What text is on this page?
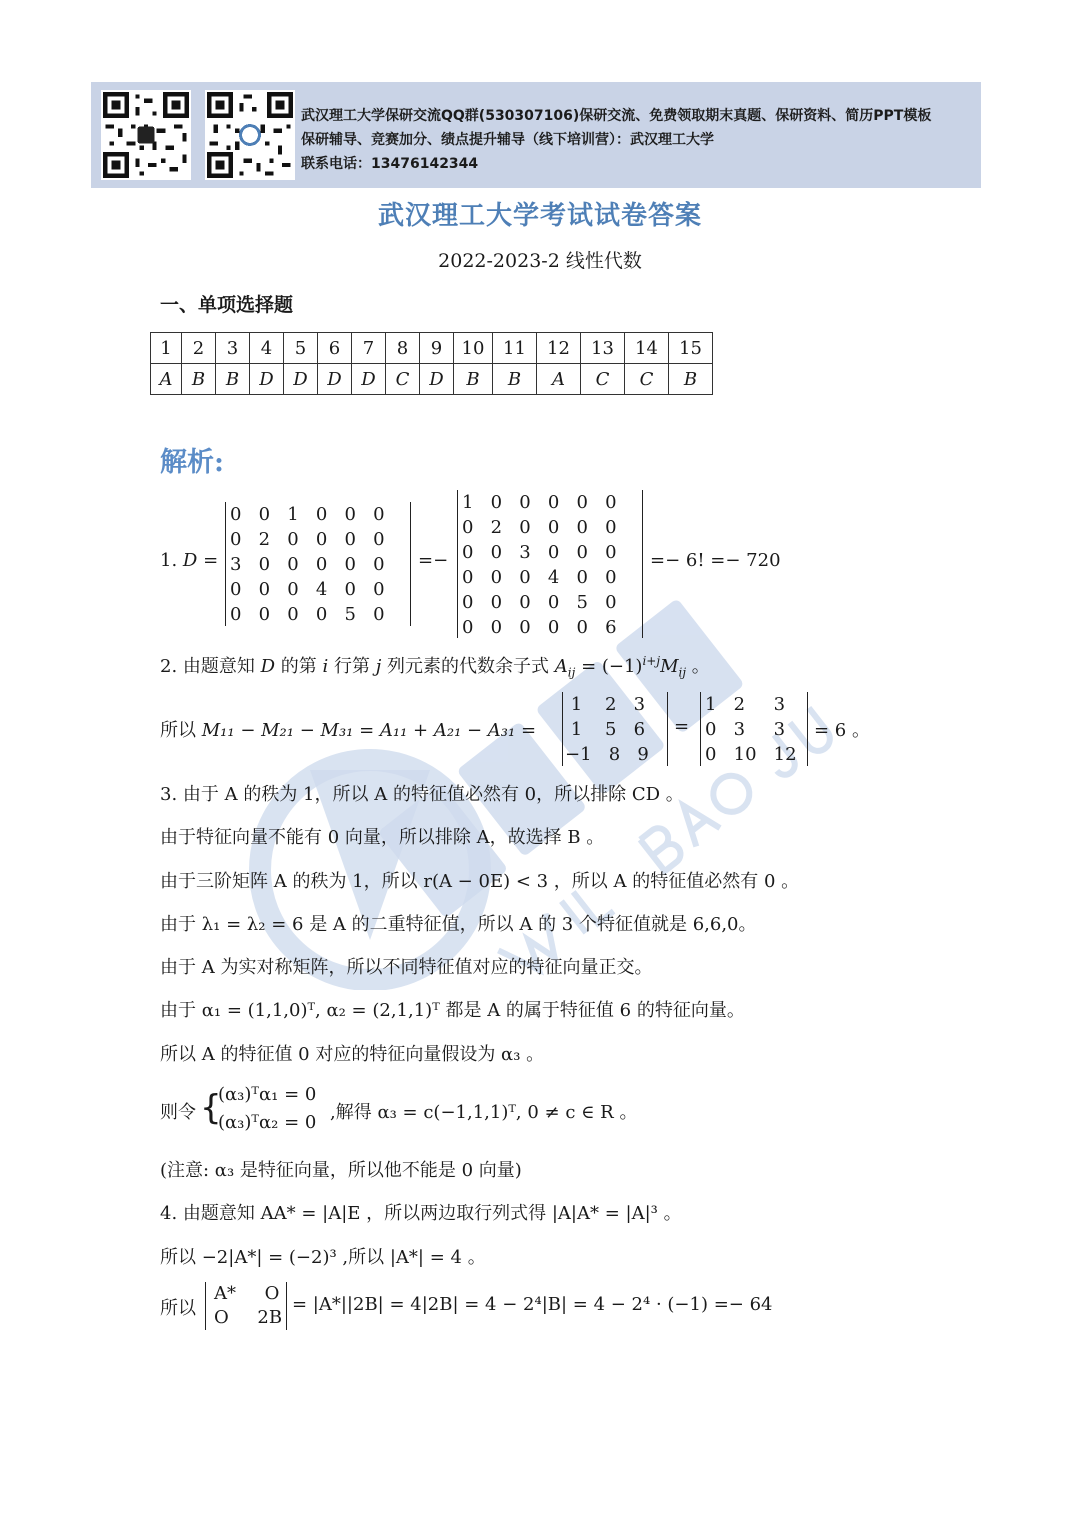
武汉理工大学保研交流QQ群(530307106)保研交流、免费领取期末真题、保研资料、简历PPT模板
保研辅导、竞赛加分、绩点提升辅导（线下培训营）：武汉理工大学
联系电话：13476142344
武汉理工大学考试试卷答案
2022-2023-2 线性代数
一、单项选择题
1	2	3	4	5	6	7	8	9	10	11	12	13	14	15
A	B	B	D	D	D	D	C	D	B	B	A	C	C	B
解析:
1. D =
0   0   1   0   0   0
0   2   0   0   0   0
3   0   0   0   0   0
0   0   0   4   0   0
0   0   0   0   5   0
=−
1   0   0   0   0   0
0   2   0   0   0   0
0   0   3   0   0   0
0   0   0   4   0   0
0   0   0   0   5   0
0   0   0   0   0   6
=− 6! =− 720
2. 由题意知 D 的第 i 行第 j 列元素的代数余子式 $A_{ij} = (-1)^{i+j}M_{ij}$ 。
所以 M₁₁ − M₂₁ − M₃₁ = A₁₁ + A₂₁ − A₃₁ =
1    2   3
1    5   6
−1   8   9
=
1   2     3
0   3     3
0   10   12
= 6 。
3. 由于 A 的秩为 1，所以 A 的特征值必然有 0，所以排除 CD 。
由于特征向量不能有 0 向量，所以排除 A，故选择 B 。
由于三阶矩阵 A 的秩为 1，所以 r(A − 0E) < 3 ，所以 A 的特征值必然有 0 。
由于 λ₁ = λ₂ = 6 是 A 的二重特征值，所以 A 的 3 个特征值就是 6,6,0。
由于 A 为实对称矩阵，所以不同特征值对应的特征向量正交。
由于 α₁ = (1,1,0)ᵀ, α₂ = (2,1,1)ᵀ 都是 A 的属于特征值 6 的特征向量。
所以 A 的特征值 0 对应的特征向量假设为 α₃ 。
则令 {
(α₃)ᵀα₁ = 0
(α₃)ᵀα₂ = 0 ,解得 α₃ = c(−1,1,1)ᵀ, 0 ≠ c ∈ R 。
(注意: α₃ 是特征向量，所以他不能是 0 向量)
4. 由题意知 AA* = |A|E ，所以两边取行列式得 |A|A* = |A|³ 。
所以 −2|A*| = (−2)³ ,所以 |A*| = 4 。
所以
A*     O
O     2B
= |A*||2B| = 4|2B| = 4 − 2⁴|B| = 4 − 2⁴ · (−1) =− 64
